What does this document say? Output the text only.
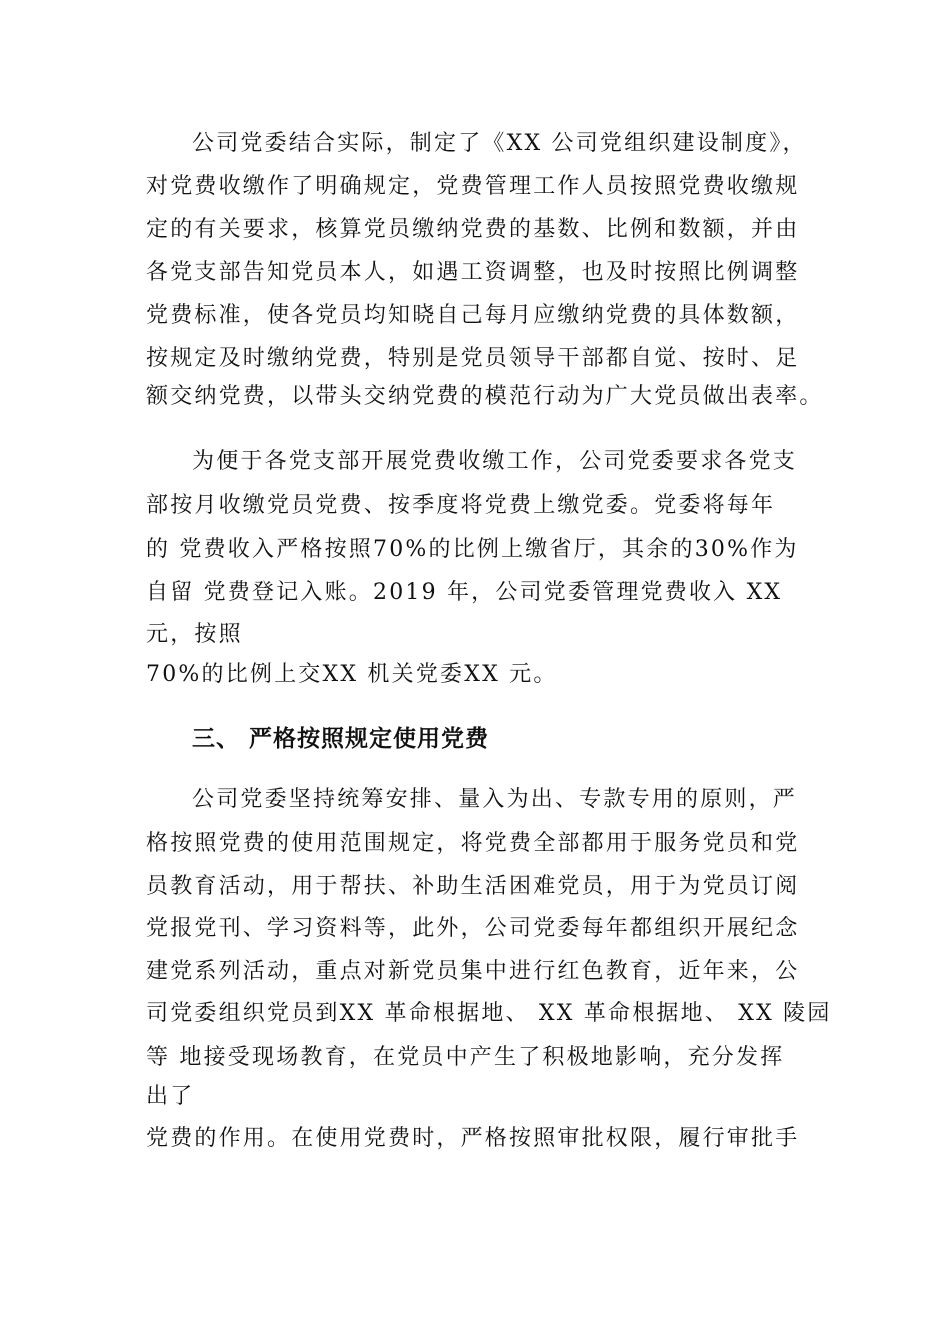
公司党委结合实际，制定了《XX 公司党组织建设制度》，
对党费收缴作了明确规定，党费管理工作人员按照党费收缴规
定的有关要求，核算党员缴纳党费的基数、比例和数额，并由
各党支部告知党员本人，如遇工资调整，也及时按照比例调整
党费标准，使各党员均知晓自己每月应缴纳党费的具体数额，
按规定及时缴纳党费，特别是党员领导干部都自觉、按时、足
额交纳党费，以带头交纳党费的模范行动为广大党员做出表率。
为便于各党支部开展党费收缴工作，公司党委要求各党支
部按月收缴党员党费、按季度将党费上缴党委。党委将每年
的 党费收入严格按照70%的比例上缴省厅，其余的30%作为
自留 党费登记入账。2019 年，公司党委管理党费收入 XX
元，按照
70%的比例上交XX 机关党委XX 元。
三、 严格按照规定使用党费
公司党委坚持统筹安排、量入为出、专款专用的原则，严
格按照党费的使用范围规定，将党费全部都用于服务党员和党
员教育活动，用于帮扶、补助生活困难党员，用于为党员订阅
党报党刊、学习资料等，此外，公司党委每年都组织开展纪念
建党系列活动，重点对新党员集中进行红色教育，近年来，公
司党委组织党员到XX 革命根据地、 XX 革命根据地、 XX 陵园
等 地接受现场教育，在党员中产生了积极地影响，充分发挥
出了
党费的作用。在使用党费时，严格按照审批权限，履行审批手
